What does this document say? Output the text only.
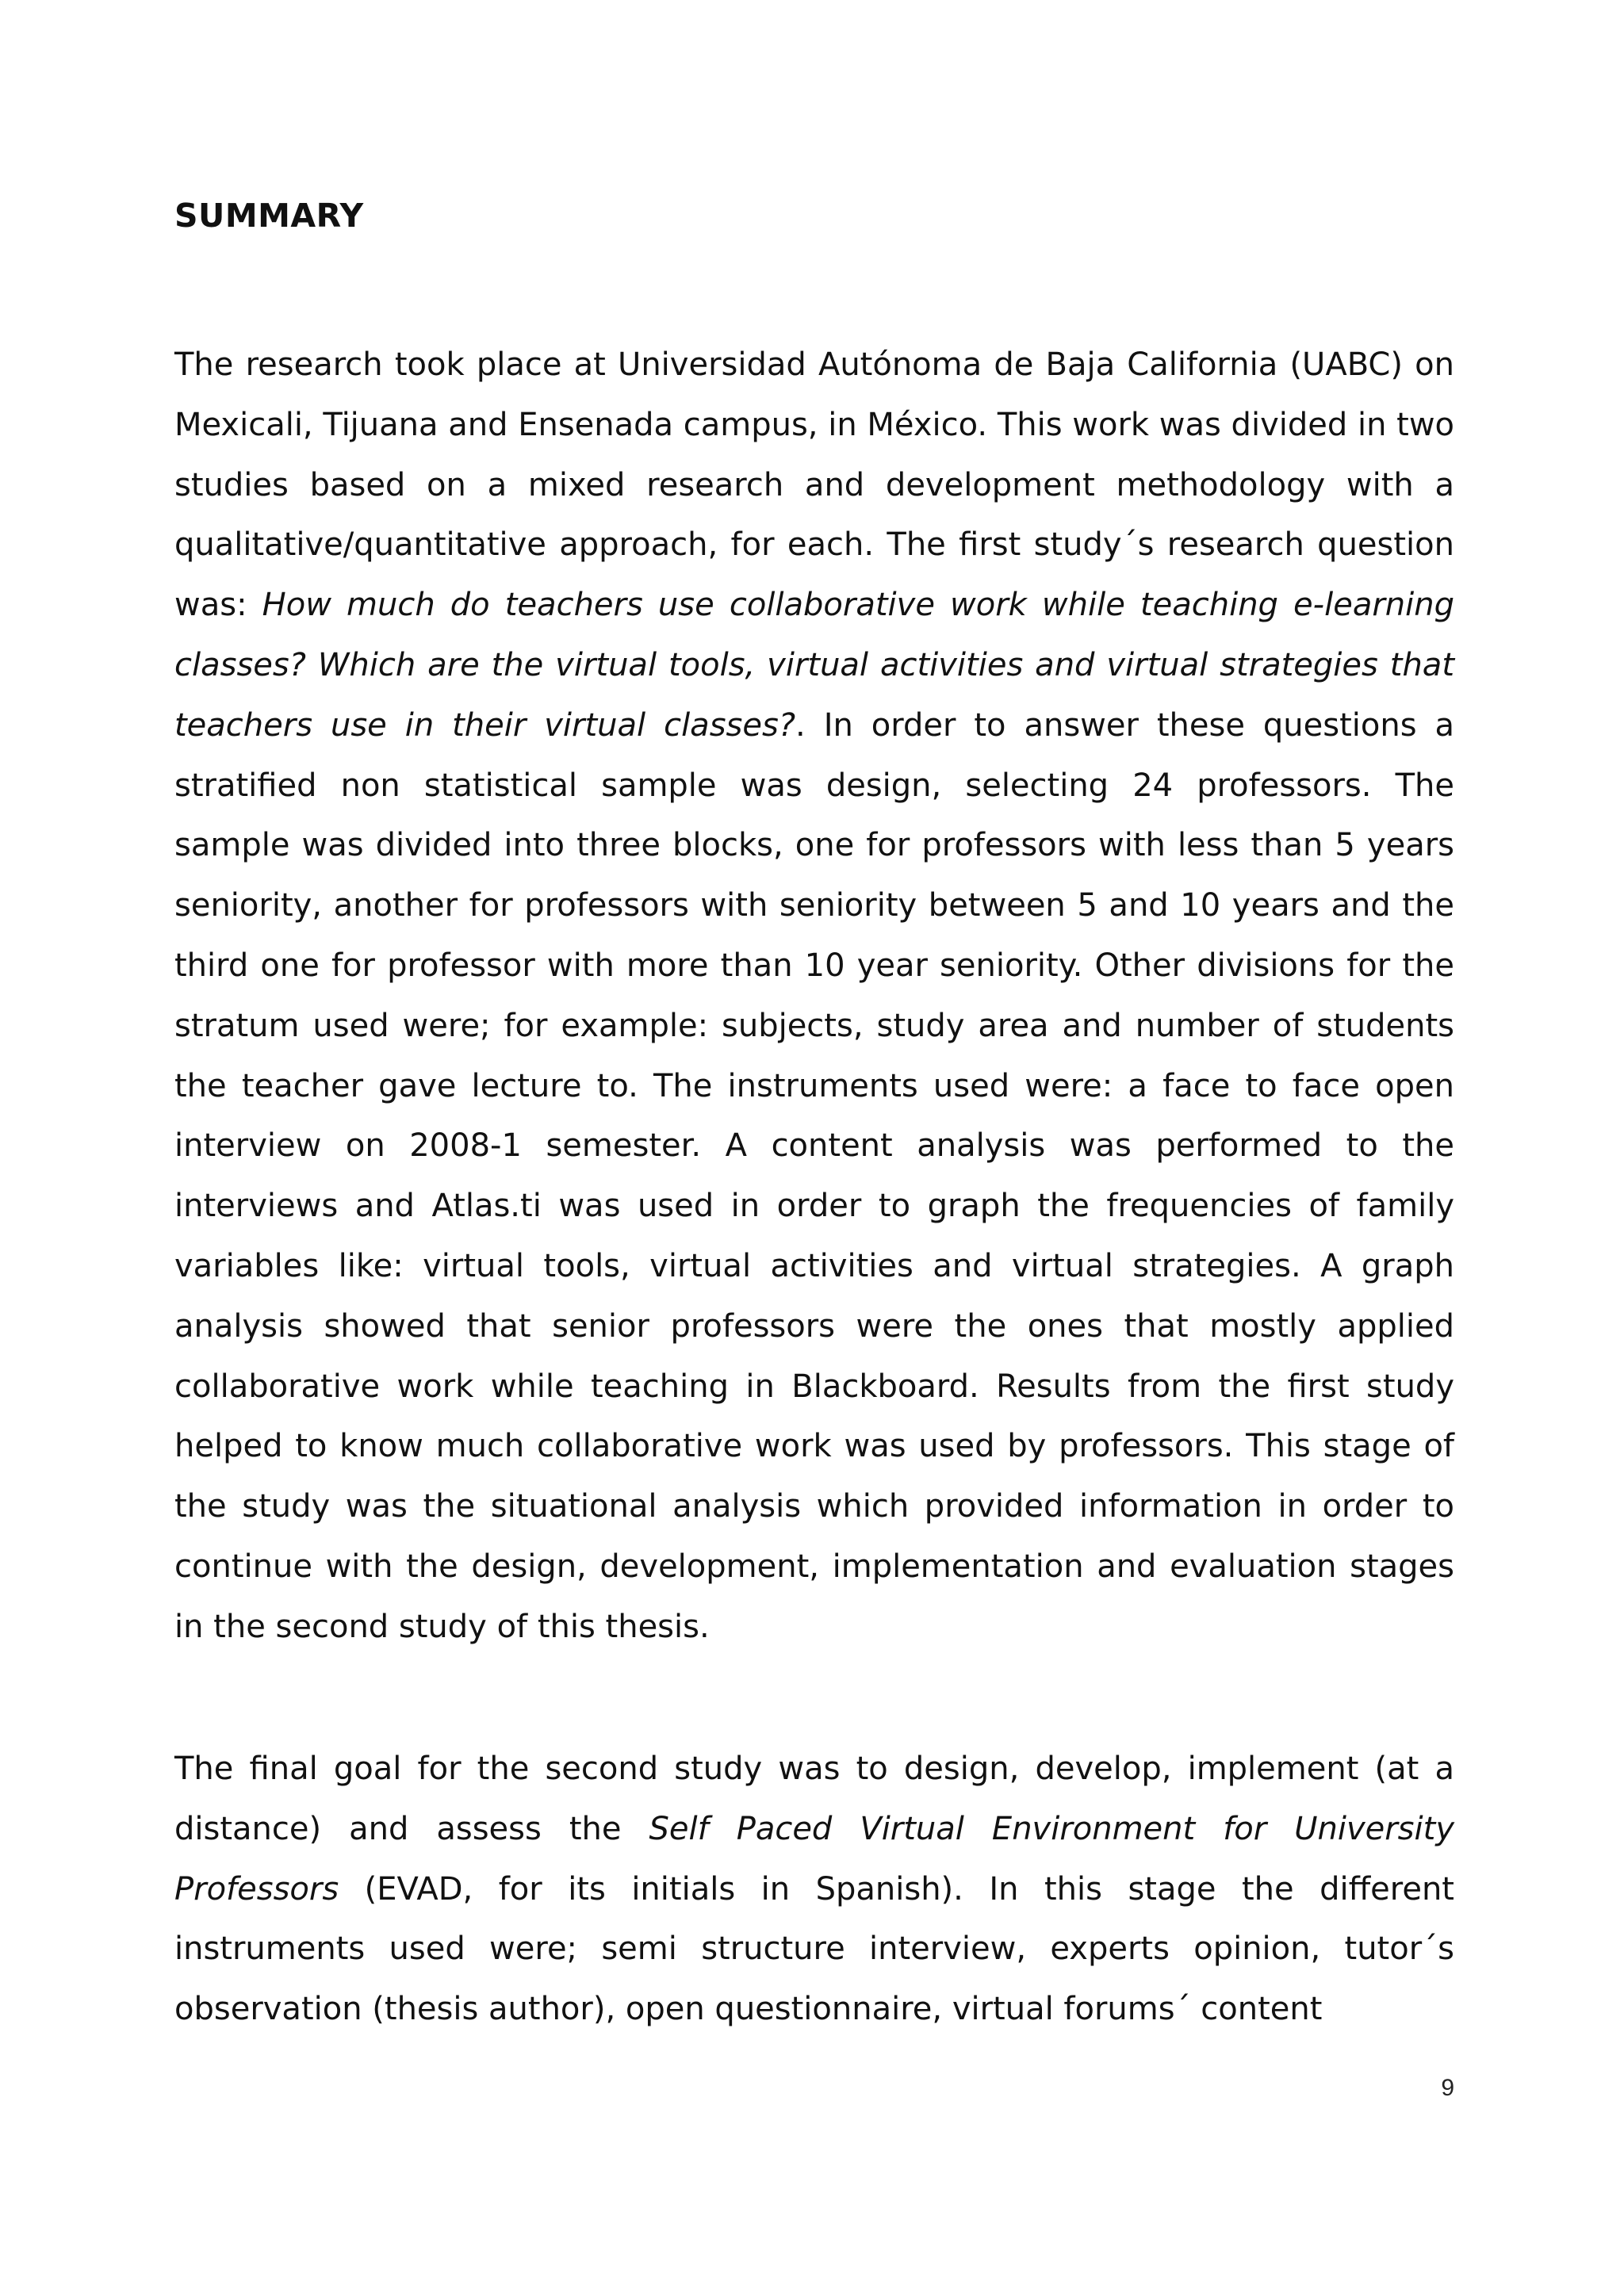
SUMMARY

The research took place at Universidad Autónoma de Baja California (UABC) on Mexicali, Tijuana and Ensenada campus, in México. This work was divided in two studies based on a mixed research and development methodology with a qualitative/quantitative approach, for each. The first study´s research question was: How much do teachers use collaborative work while teaching e-learning classes? Which are the virtual tools, virtual activities and virtual strategies that teachers use in their virtual classes?. In order to answer these questions a stratified non statistical sample was design, selecting 24 professors. The sample was divided into three blocks, one for professors with less than 5 years seniority, another for professors with seniority between 5 and 10 years and the third one for professor with more than 10 year seniority. Other divisions for the stratum used were; for example: subjects, study area and number of students the teacher gave lecture to. The instruments used were: a face to face open interview on 2008-1 semester. A content analysis was performed to the interviews and Atlas.ti was used in order to graph the frequencies of family variables like: virtual tools, virtual activities and virtual strategies. A graph analysis showed that senior professors were the ones that mostly applied collaborative work while teaching in Blackboard. Results from the first study helped to know much collaborative work was used by professors. This stage of the study was the situational analysis which provided information in order to continue with the design, development, implementation and evaluation stages in the second study of this thesis.

The final goal for the second study was to design, develop, implement (at a distance) and assess the Self Paced Virtual Environment for University Professors (EVAD, for its initials in Spanish). In this stage the different instruments used were; semi structure interview, experts opinion, tutor´s observation (thesis author), open questionnaire, virtual forums´ content

9
